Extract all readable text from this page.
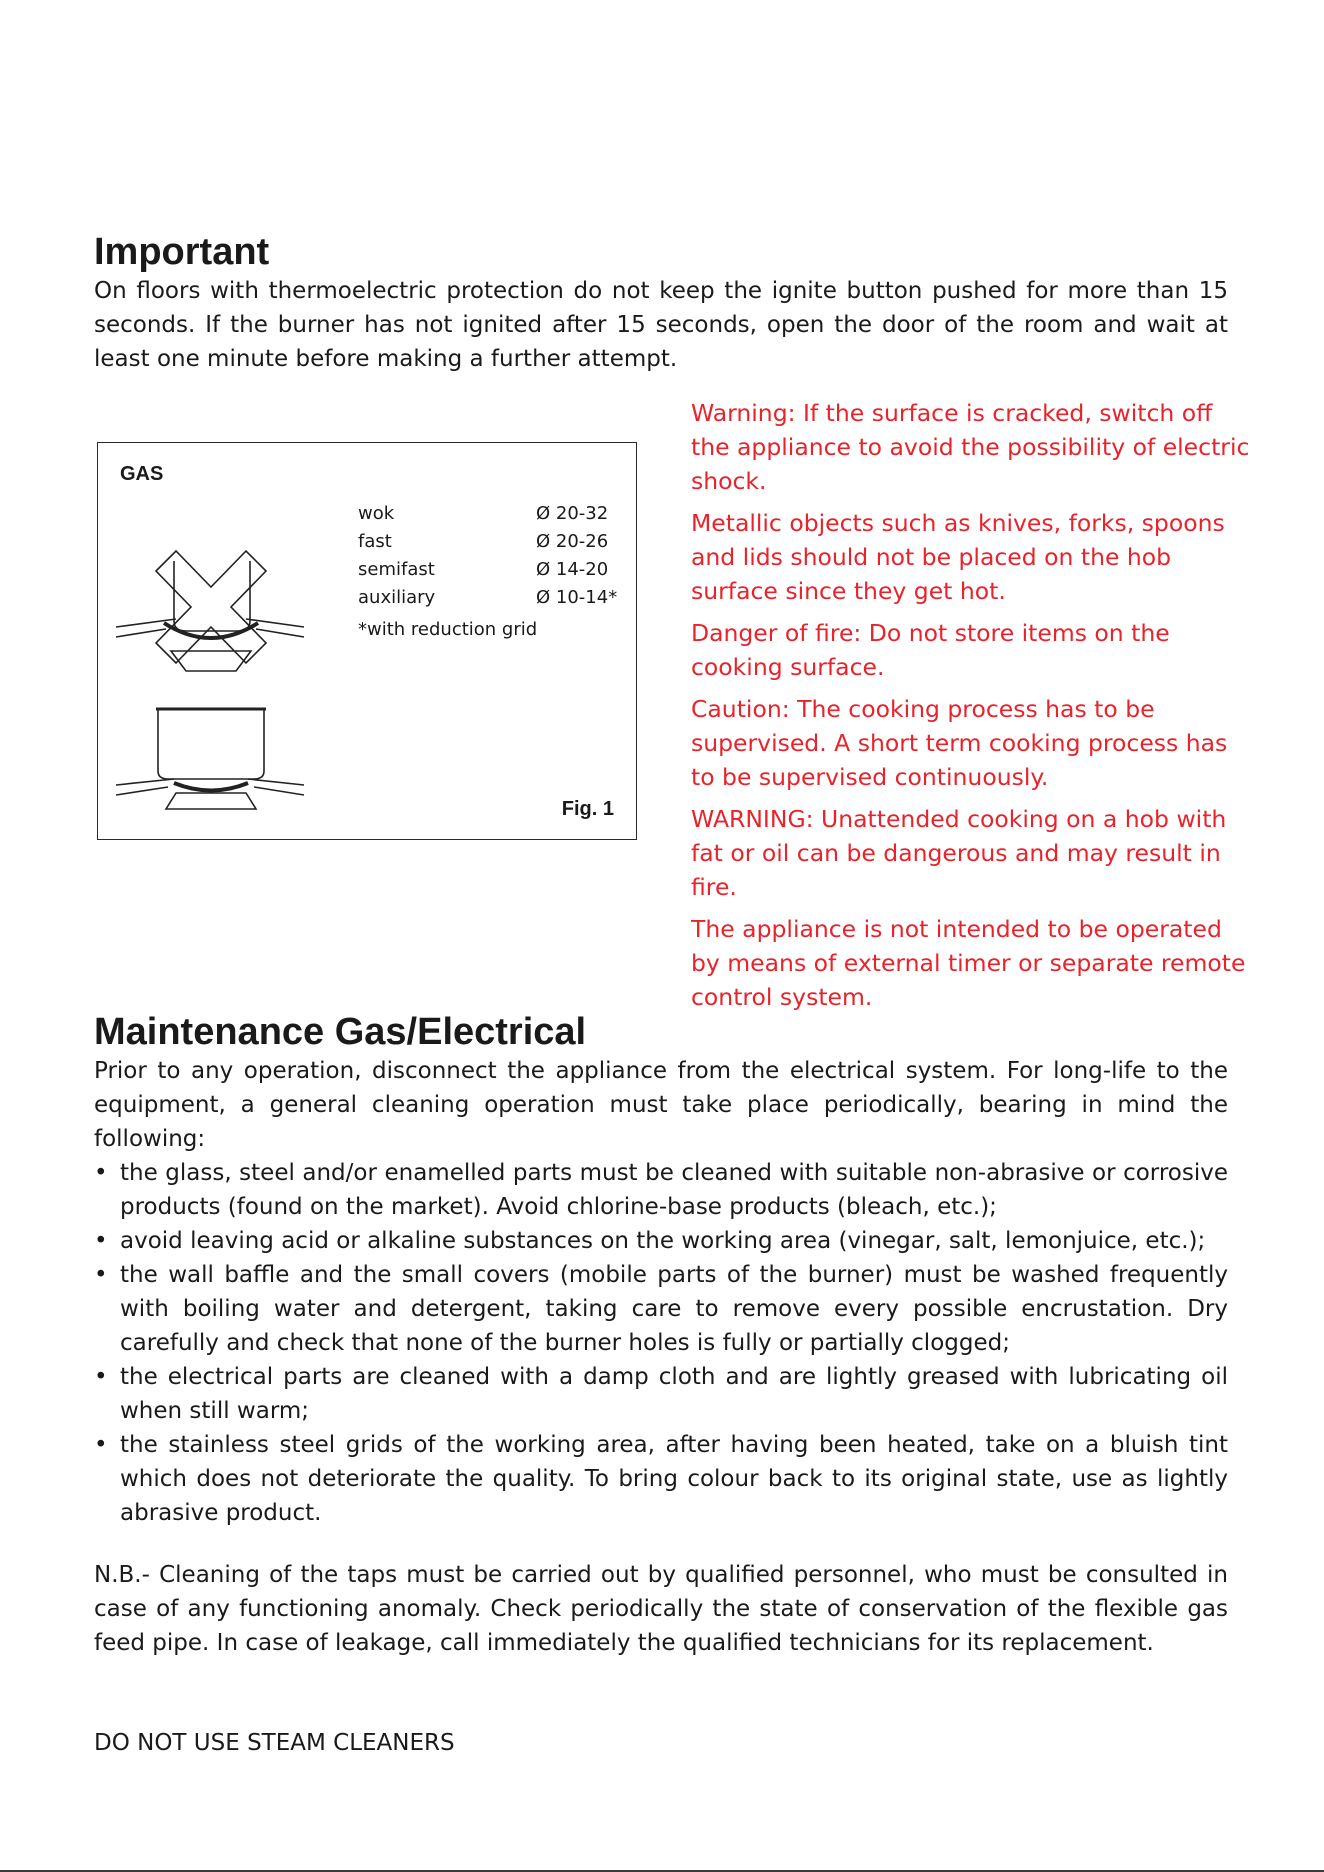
Important

On floors with thermoelectric protection do not keep the ignite button pushed for more than 15 seconds. If the burner has not ignited after 15 seconds, open the door of the room and wait at least one minute before making a further attempt.

GAS
wok	Ø 20-32
fast	Ø 20-26
semifast	Ø 14-20
auxiliary	Ø 10-14*
*with reduction grid
Fig. 1

Warning: If the surface is cracked, switch off the appliance to avoid the possibility of electric shock.

Metallic objects such as knives, forks, spoons and lids should not be placed on the hob surface since they get hot.

Danger of fire: Do not store items on the cooking surface.

Caution: The cooking process has to be supervised. A short term cooking process has to be supervised continuously.

WARNING: Unattended cooking on a hob with fat or oil can be dangerous and may result in fire.

The appliance is not intended to be operated by means of external timer or separate remote control system.

Maintenance Gas/Electrical

Prior to any operation, disconnect the appliance from the electrical system. For long-life to the equipment, a general cleaning operation must take place periodically, bearing in mind the following:

• the glass, steel and/or enamelled parts must be cleaned with suitable non-abrasive or corrosive products (found on the market). Avoid chlorine-base products (bleach, etc.);
• avoid leaving acid or alkaline substances on the working area (vinegar, salt, lemonjuice, etc.);
• the wall baffle and the small covers (mobile parts of the burner) must be washed frequently with boiling water and detergent, taking care to remove every possible encrustation. Dry carefully and check that none of the burner holes is fully or partially clogged;
• the electrical parts are cleaned with a damp cloth and are lightly greased with lubricating oil when still warm;
• the stainless steel grids of the working area, after having been heated, take on a bluish tint which does not deteriorate the quality. To bring colour back to its original state, use as lightly abrasive product.

N.B.- Cleaning of the taps must be carried out by qualified personnel, who must be consulted in case of any functioning anomaly. Check periodically the state of conservation of the flexible gas feed pipe. In case of leakage, call immediately the qualified technicians for its replacement.

DO NOT USE STEAM CLEANERS
